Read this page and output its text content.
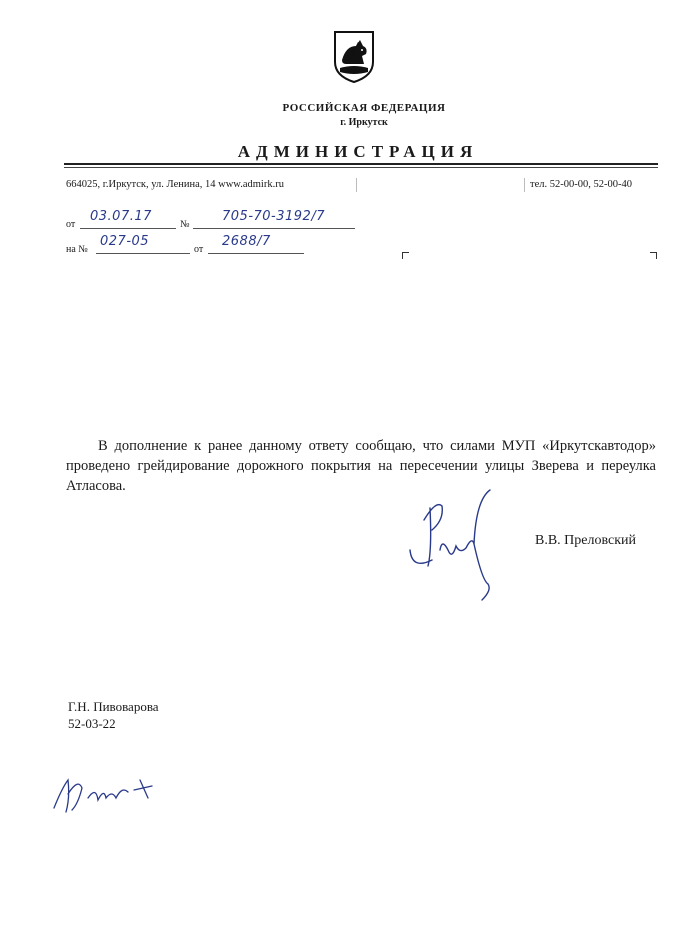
РОССИЙСКАЯ ФЕДЕРАЦИЯ
г. Иркутск
АДМИНИСТРАЦИЯ
664025, г.Иркутск, ул. Ленина, 14 www.admirk.ru	тел. 52-00-00, 52-00-40
от
03.07.17
№
705-70-3192/7
на №
027-05
от
2688/7
В дополнение к ранее данному ответу сообщаю, что силами МУП «Иркутскавтодор» проведено грейдирование дорожного покрытия на пересечении улицы Зверева и переулка Атласова.
В.В. Преловский
Г.Н. Пивоварова
52-03-22
